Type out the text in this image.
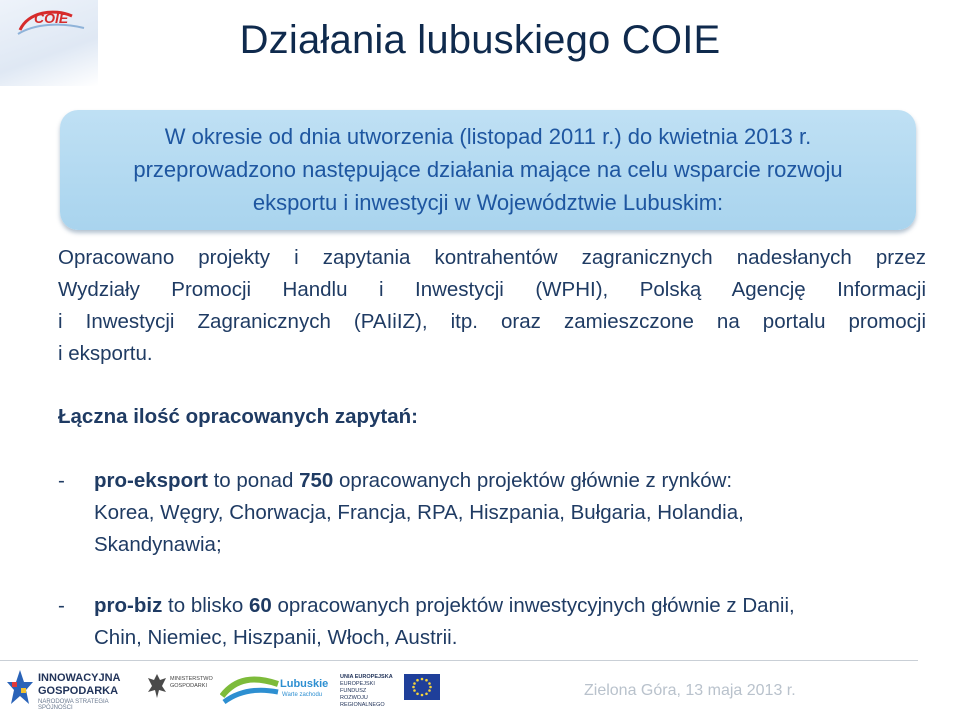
COIE	Działania lubuskiego COIE
W okresie od dnia utworzenia (listopad 2011 r.) do kwietnia 2013 r.
przeprowadzono następujące działania mające na celu wsparcie rozwoju
eksportu i inwestycji w Województwie Lubuskim:
Opracowano projekty i zapytania kontrahentów zagranicznych nadesłanych przez
Wydziały Promocji Handlu i Inwestycji (WPHI), Polską Agencję Informacji
i Inwestycji Zagranicznych (PAIiIZ), itp. oraz zamieszczone na portalu promocji
i eksportu.
Łączna ilość opracowanych zapytań:
- pro-eksport to ponad 750 opracowanych projektów głównie z rynków:
Korea, Węgry, Chorwacja, Francja, RPA, Hiszpania, Bułgaria, Holandia,
Skandynawia;
- pro-biz to blisko 60 opracowanych projektów inwestycyjnych głównie z Danii,
Chin, Niemiec, Hiszpanii, Włoch, Austrii.
INNOWACYJNA
GOSPODARKA
NARODOWA STRATEGIA SPÓJNOŚCI
MINISTERSTWO GOSPODARKI	Lubuskie
Warte zachodu
UNIA EUROPEJSKA
EUROPEJSKI FUNDUSZ
ROZWOJU REGIONALNEGO
Zielona Góra, 13 maja 2013 r.
